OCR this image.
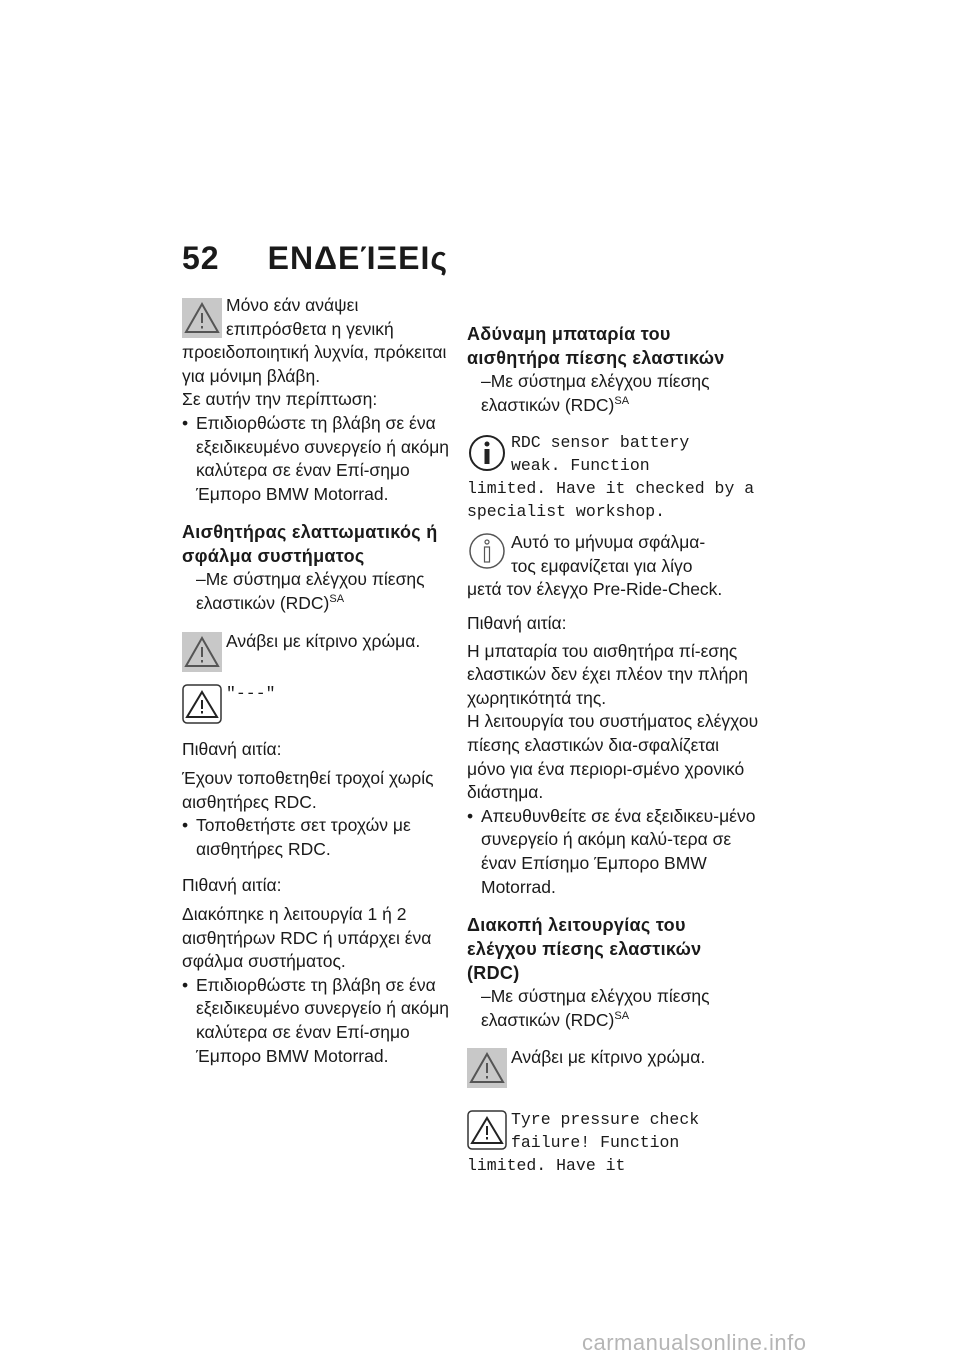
52 ΕΝΔΕΊΞΕΙς

Μόνο εάν ανάψει

επιπρόσθετα η γενική

προειδοποιητική λυχνία, πρόκειται για μόνιμη βλάβη.

Σε αυτήν την περίπτωση:

• Επιδιορθώστε τη βλάβη σε ένα εξειδικευμένο συνεργείο ή ακόμη καλύτερα σε έναν Επί-σημο Έμπορο BMW Motorrad.

Αισθητήρας ελαττωματικός ή σφάλμα συστήματος

–Με σύστημα ελέγχου πίεσης ελαστικών (RDC)$^{SA}$

Ανάβει με κίτρινο χρώμα.

"---"

Πιθανή αιτία:

Έχουν τοποθετηθεί τροχοί χωρίς αισθητήρες RDC.

• Τοποθετήστε σετ τροχών με αισθητήρες RDC.

Πιθανή αιτία:

Διακόπηκε η λειτουργία 1 ή 2 αισθητήρων RDC ή υπάρχει ένα σφάλμα συστήματος.

• Επιδιορθώστε τη βλάβη σε ένα εξειδικευμένο συνεργείο ή ακόμη καλύτερα σε έναν Επί-σημο Έμπορο BMW Motorrad.

Αδύναμη μπαταρία του αισθητήρα πίεσης ελαστικών

–Με σύστημα ελέγχου πίεσης ελαστικών (RDC)$^{SA}$

RDC sensor battery

weak. Function

limited. Have it checked by a specialist workshop.

Αυτό το μήνυμα σφάλμα-

τος εμφανίζεται για λίγο

μετά τον έλεγχο Pre-Ride-Check.

Πιθανή αιτία:

Η μπαταρία του αισθητήρα πί-εσης ελαστικών δεν έχει πλέον την πλήρη χωρητικότητά της.

Η λειτουργία του συστήματος ελέγχου πίεσης ελαστικών δια-σφαλίζεται μόνο για ένα περιορι-σμένο χρονικό διάστημα.

• Απευθυνθείτε σε ένα εξειδικευ-μένο συνεργείο ή ακόμη καλύ-τερα σε έναν Επίσημο Έμπορο BMW Motorrad.

Διακοπή λειτουργίας του ελέγχου πίεσης ελαστικών (RDC)

–Με σύστημα ελέγχου πίεσης ελαστικών (RDC)$^{SA}$

Ανάβει με κίτρινο χρώμα.

Tyre pressure check

failure! Function

limited. Have it

carmanualsonline.info
